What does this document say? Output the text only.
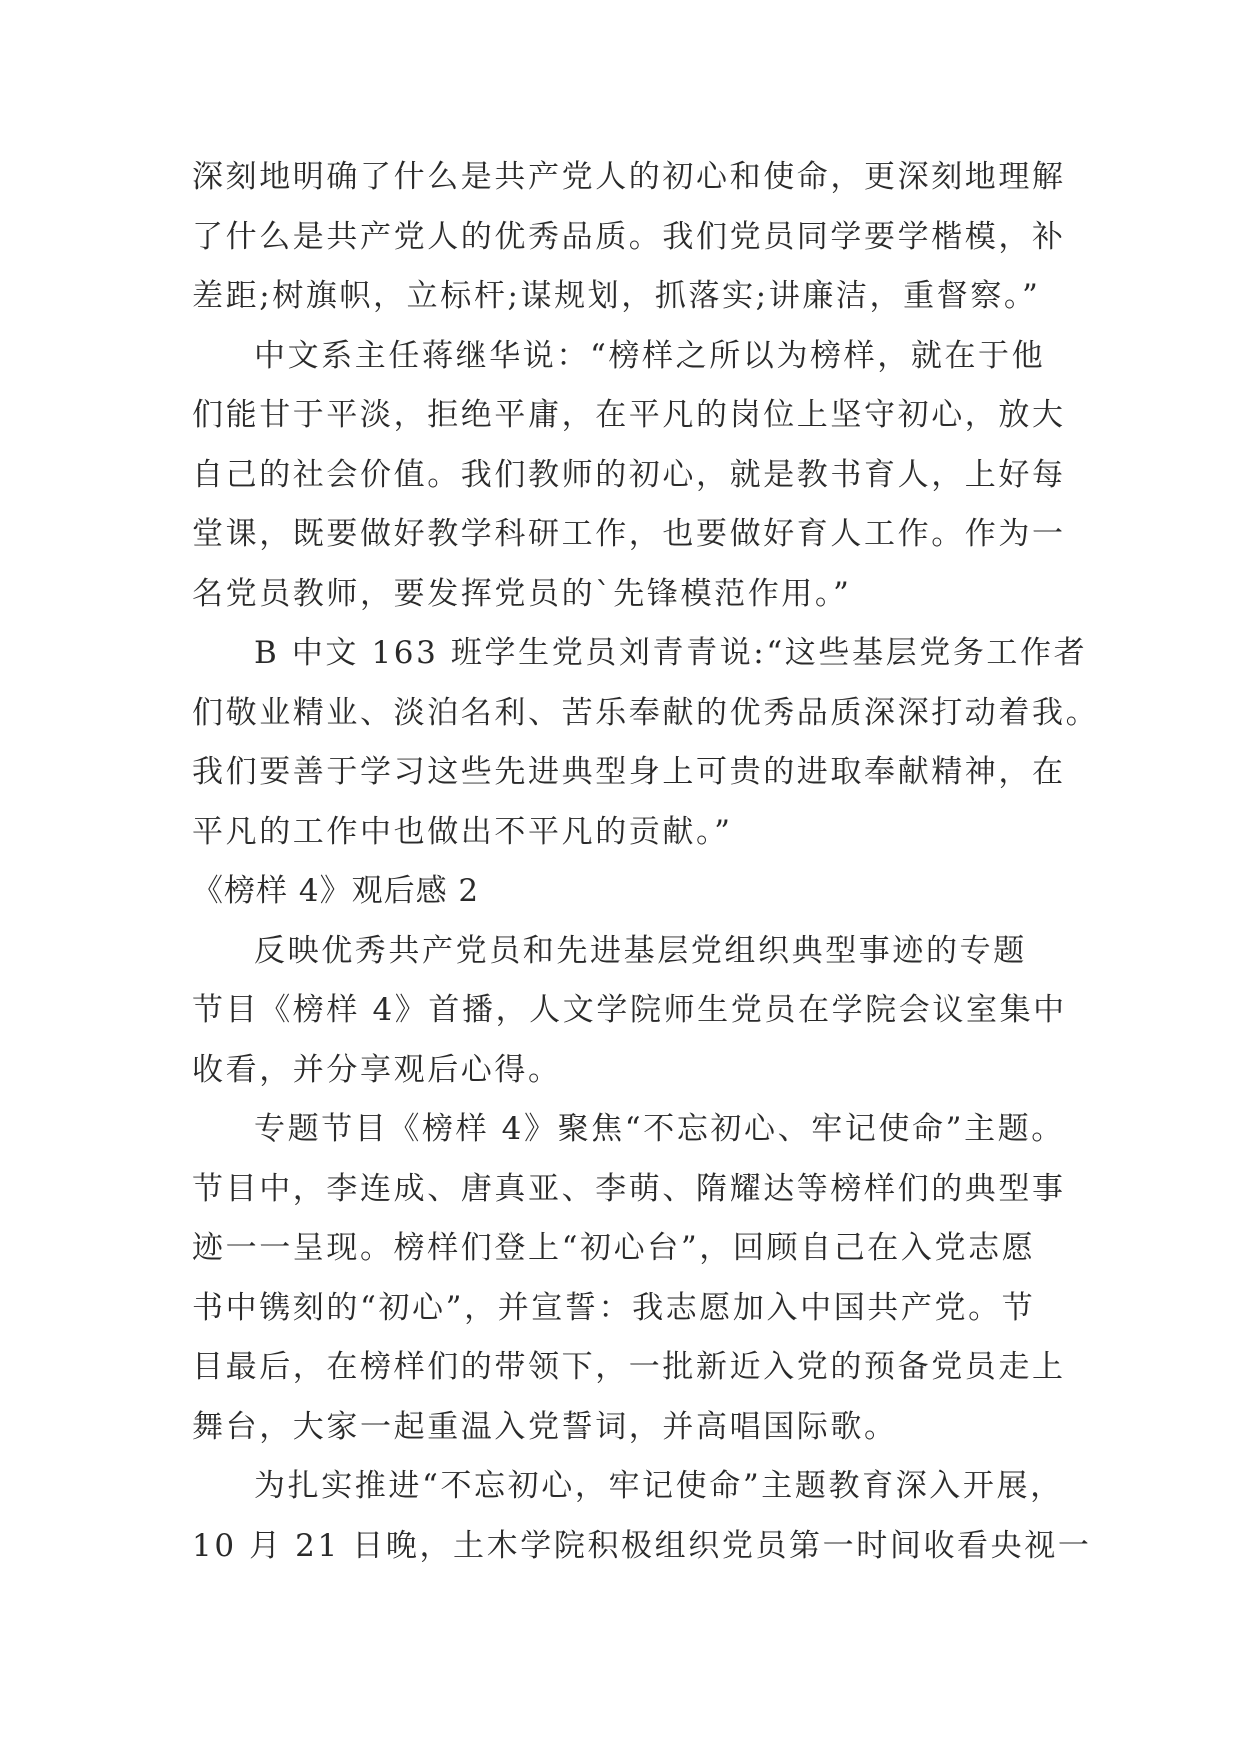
深刻地明确了什么是共产党人的初心和使命，更深刻地理解
了什么是共产党人的优秀品质。我们党员同学要学楷模，补
差距;树旗帜，立标杆;谋规划，抓落实;讲廉洁，重督察。”
中文系主任蒋继华说：“榜样之所以为榜样，就在于他
们能甘于平淡，拒绝平庸，在平凡的岗位上坚守初心，放大
自己的社会价值。我们教师的初心，就是教书育人，上好每
堂课，既要做好教学科研工作，也要做好育人工作。作为一
名党员教师，要发挥党员的`先锋模范作用。”
B 中文 163 班学生党员刘青青说:“这些基层党务工作者
们敬业精业、淡泊名利、苦乐奉献的优秀品质深深打动着我。
我们要善于学习这些先进典型身上可贵的进取奉献精神，在
平凡的工作中也做出不平凡的贡献。”
《榜样 4》观后感 2
反映优秀共产党员和先进基层党组织典型事迹的专题
节目《榜样 4》首播，人文学院师生党员在学院会议室集中
收看，并分享观后心得。
专题节目《榜样 4》聚焦“不忘初心、牢记使命”主题。
节目中，李连成、唐真亚、李萌、隋耀达等榜样们的典型事
迹一一呈现。榜样们登上“初心台”，回顾自己在入党志愿
书中镌刻的“初心”，并宣誓：我志愿加入中国共产党。节
目最后，在榜样们的带领下，一批新近入党的预备党员走上
舞台，大家一起重温入党誓词，并高唱国际歌。
为扎实推进“不忘初心，牢记使命”主题教育深入开展，
10 月 21 日晚，土木学院积极组织党员第一时间收看央视一
